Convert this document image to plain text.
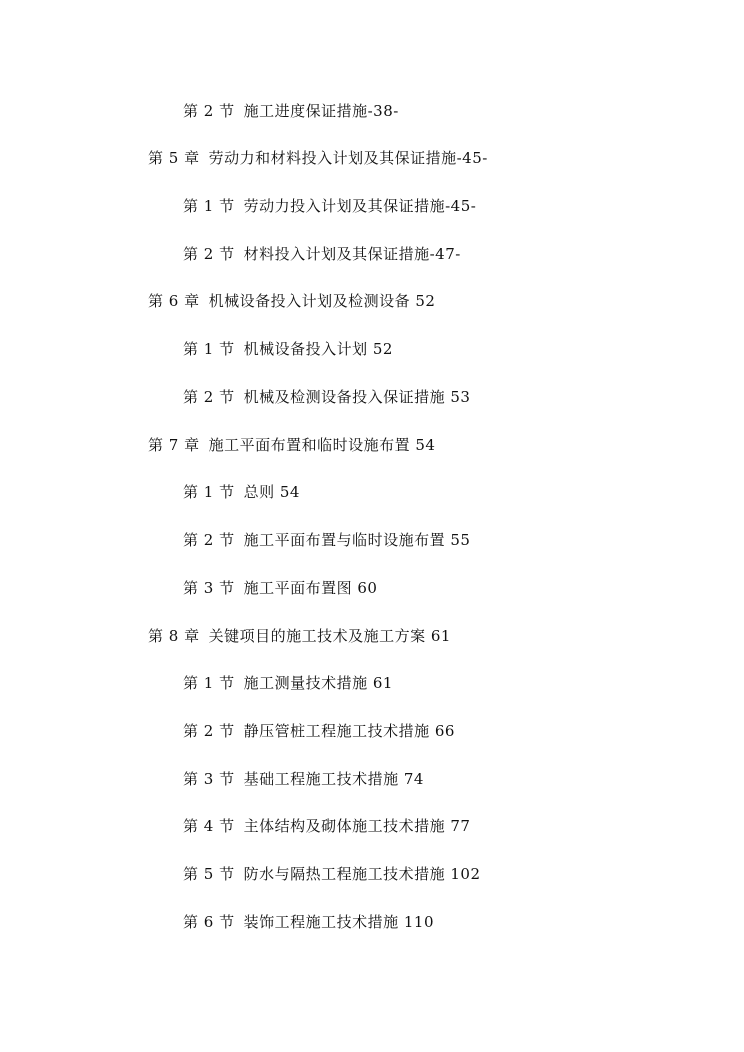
第 2 节 施工进度保证措施-38-
第 5 章 劳动力和材料投入计划及其保证措施-45-
第 1 节 劳动力投入计划及其保证措施-45-
第 2 节 材料投入计划及其保证措施-47-
第 6 章 机械设备投入计划及检测设备 52
第 1 节 机械设备投入计划 52
第 2 节 机械及检测设备投入保证措施 53
第 7 章 施工平面布置和临时设施布置 54
第 1 节 总则 54
第 2 节 施工平面布置与临时设施布置 55
第 3 节 施工平面布置图 60
第 8 章 关键项目的施工技术及施工方案 61
第 1 节 施工测量技术措施 61
第 2 节 静压管桩工程施工技术措施 66
第 3 节 基础工程施工技术措施 74
第 4 节 主体结构及砌体施工技术措施 77
第 5 节 防水与隔热工程施工技术措施 102
第 6 节 装饰工程施工技术措施 110
